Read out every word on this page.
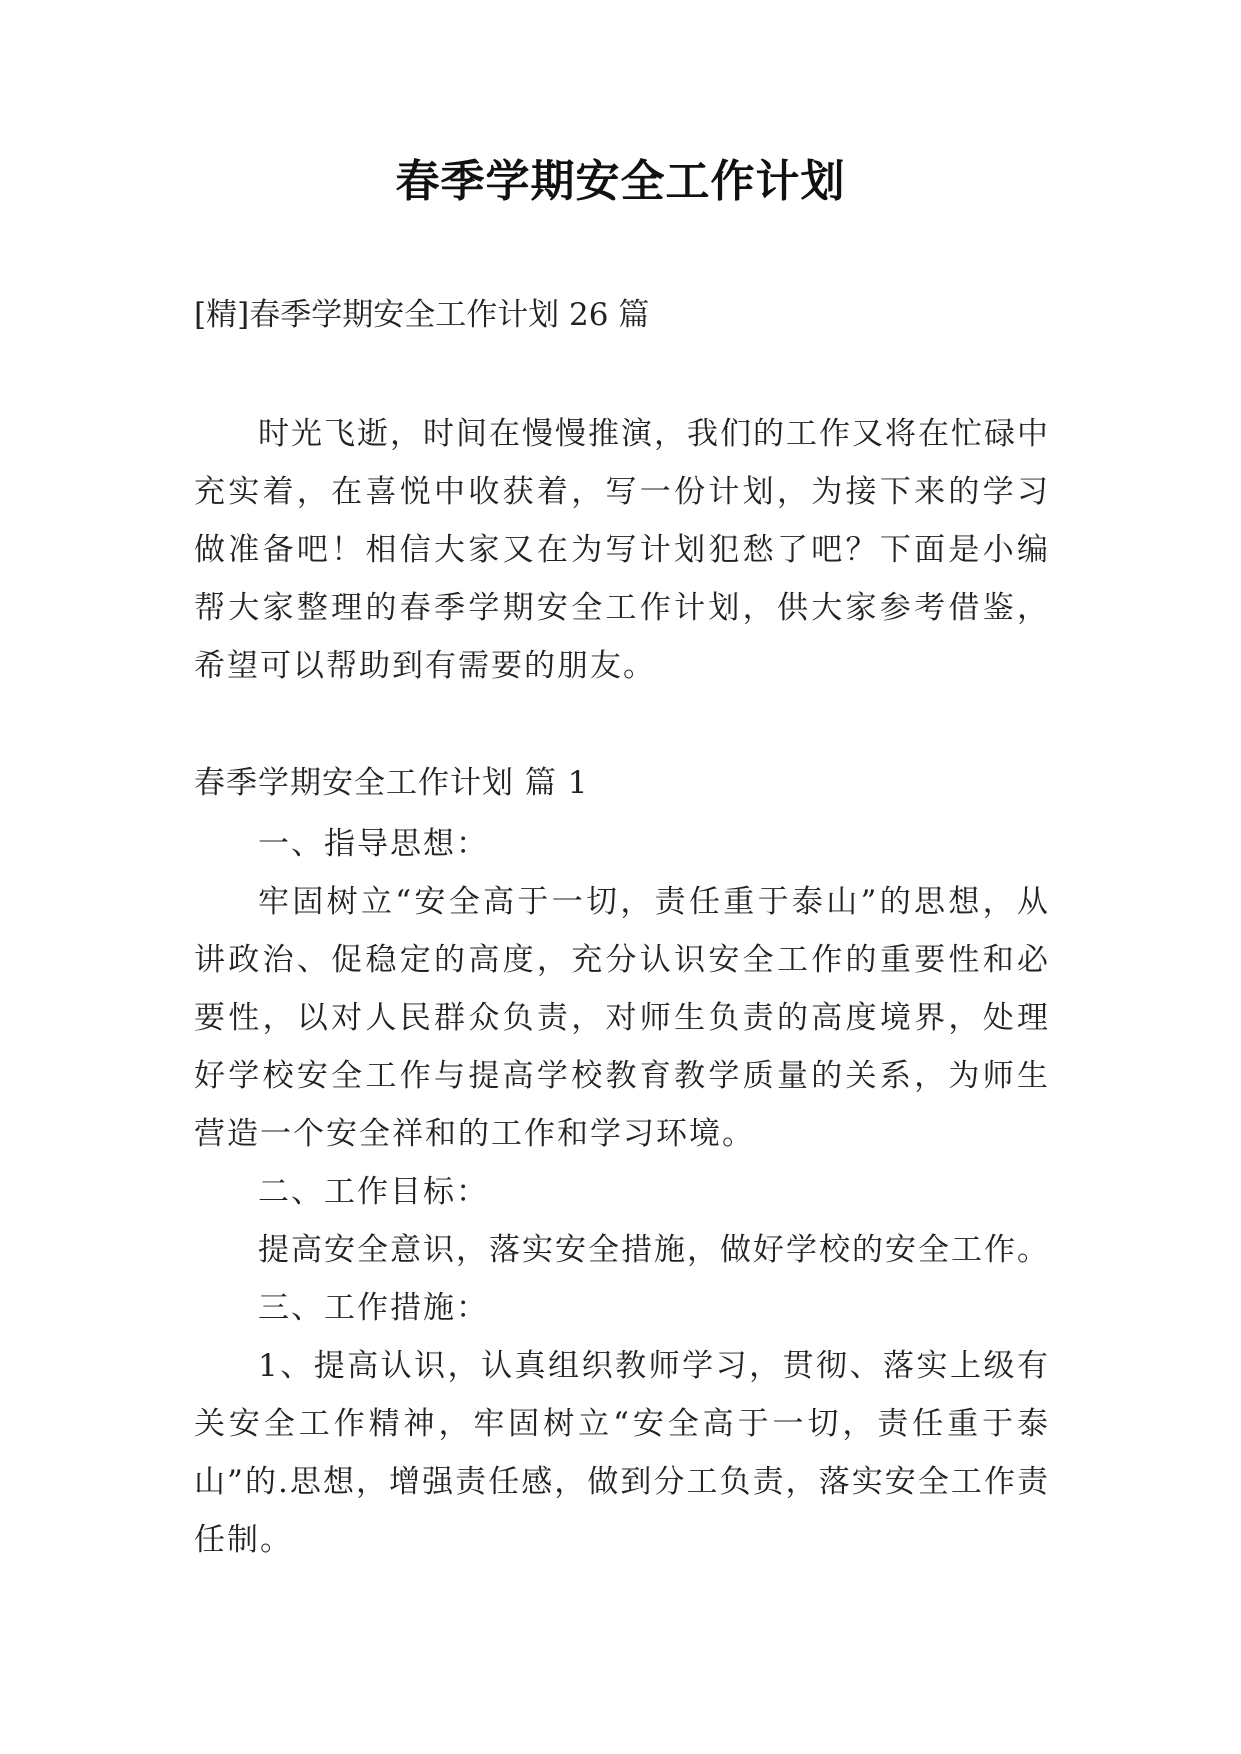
春季学期安全工作计划

[精]春季学期安全工作计划 26 篇

时光飞逝，时间在慢慢推演，我们的工作又将在忙碌中充实着，在喜悦中收获着，写一份计划，为接下来的学习做准备吧！相信大家又在为写计划犯愁了吧？下面是小编帮大家整理的春季学期安全工作计划，供大家参考借鉴，希望可以帮助到有需要的朋友。

春季学期安全工作计划 篇 1

一、指导思想：

牢固树立“安全高于一切，责任重于泰山”的思想，从讲政治、促稳定的高度，充分认识安全工作的重要性和必要性，以对人民群众负责，对师生负责的高度境界，处理好学校安全工作与提高学校教育教学质量的关系，为师生营造一个安全祥和的工作和学习环境。

二、工作目标：

提高安全意识，落实安全措施，做好学校的安全工作。

三、工作措施：

1、提高认识，认真组织教师学习，贯彻、落实上级有关安全工作精神，牢固树立“安全高于一切，责任重于泰山”的.思想，增强责任感，做到分工负责，落实安全工作责任制。
